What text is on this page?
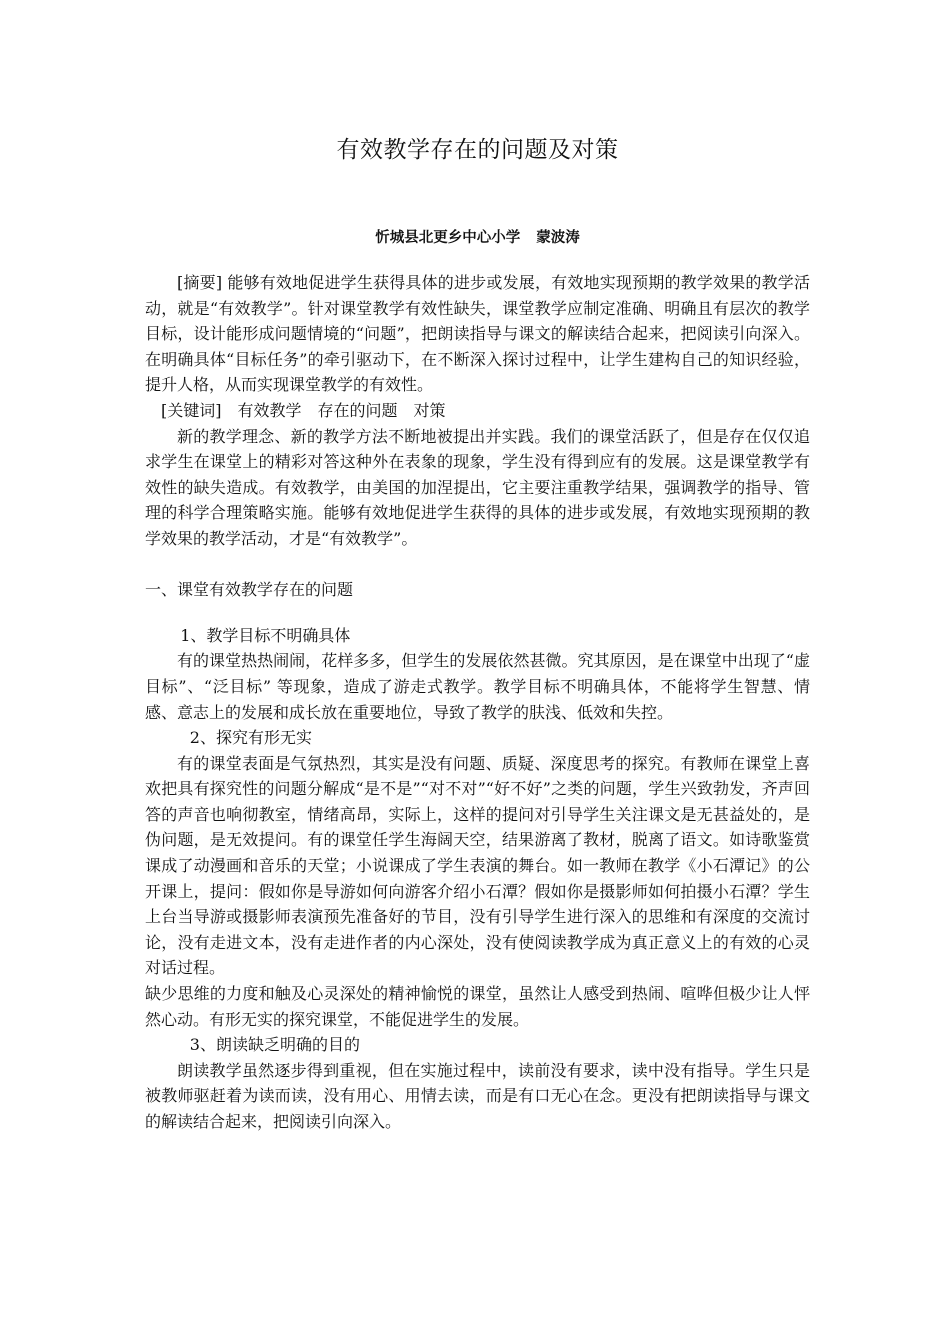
有效教学存在的问题及对策
忻城县北更乡中心小学 蒙波涛

[摘要] 能够有效地促进学生获得具体的进步或发展，有效地实现预期的教学效果的教学活动，就是“有效教学”。针对课堂教学有效性缺失，课堂教学应制定准确、明确且有层次的教学目标，设计能形成问题情境的“问题”，把朗读指导与课文的解读结合起来，把阅读引向深入。在明确具体“目标任务”的牵引驱动下，在不断深入探讨过程中，让学生建构自己的知识经验，提升人格，从而实现课堂教学的有效性。

[关键词] 有效教学 存在的问题 对策

新的教学理念、新的教学方法不断地被提出并实践。我们的课堂活跃了，但是存在仅仅追求学生在课堂上的精彩对答这种外在表象的现象，学生没有得到应有的发展。这是课堂教学有效性的缺失造成。有效教学，由美国的加涅提出，它主要注重教学结果，强调教学的指导、管理的科学合理策略实施。能够有效地促进学生获得的具体的进步或发展，有效地实现预期的教学效果的教学活动，才是“有效教学”。

一、课堂有效教学存在的问题

1、教学目标不明确具体

有的课堂热热闹闹，花样多多，但学生的发展依然甚微。究其原因，是在课堂中出现了“虚目标”、“泛目标” 等现象，造成了游走式教学。教学目标不明确具体，不能将学生智慧、情感、意志上的发展和成长放在重要地位，导致了教学的肤浅、低效和失控。

2、探究有形无实

有的课堂表面是气氛热烈，其实是没有问题、质疑、深度思考的探究。有教师在课堂上喜欢把具有探究性的问题分解成“是不是”“对不对”“好不好”之类的问题，学生兴致勃发，齐声回答的声音也响彻教室，情绪高昂，实际上，这样的提问对引导学生关注课文是无甚益处的，是伪问题，是无效提问。有的课堂任学生海阔天空，结果游离了教材，脱离了语文。如诗歌鉴赏课成了动漫画和音乐的天堂；小说课成了学生表演的舞台。如一教师在教学《小石潭记》的公开课上，提问：假如你是导游如何向游客介绍小石潭？假如你是摄影师如何拍摄小石潭？学生上台当导游或摄影师表演预先准备好的节目，没有引导学生进行深入的思维和有深度的交流讨论，没有走进文本，没有走进作者的内心深处，没有使阅读教学成为真正意义上的有效的心灵对话过程。

缺少思维的力度和触及心灵深处的精神愉悦的课堂，虽然让人感受到热闹、喧哗但极少让人怦然心动。有形无实的探究课堂，不能促进学生的发展。

3、朗读缺乏明确的目的

朗读教学虽然逐步得到重视，但在实施过程中，读前没有要求，读中没有指导。学生只是被教师驱赶着为读而读，没有用心、用情去读，而是有口无心在念。更没有把朗读指导与课文的解读结合起来，把阅读引向深入。
